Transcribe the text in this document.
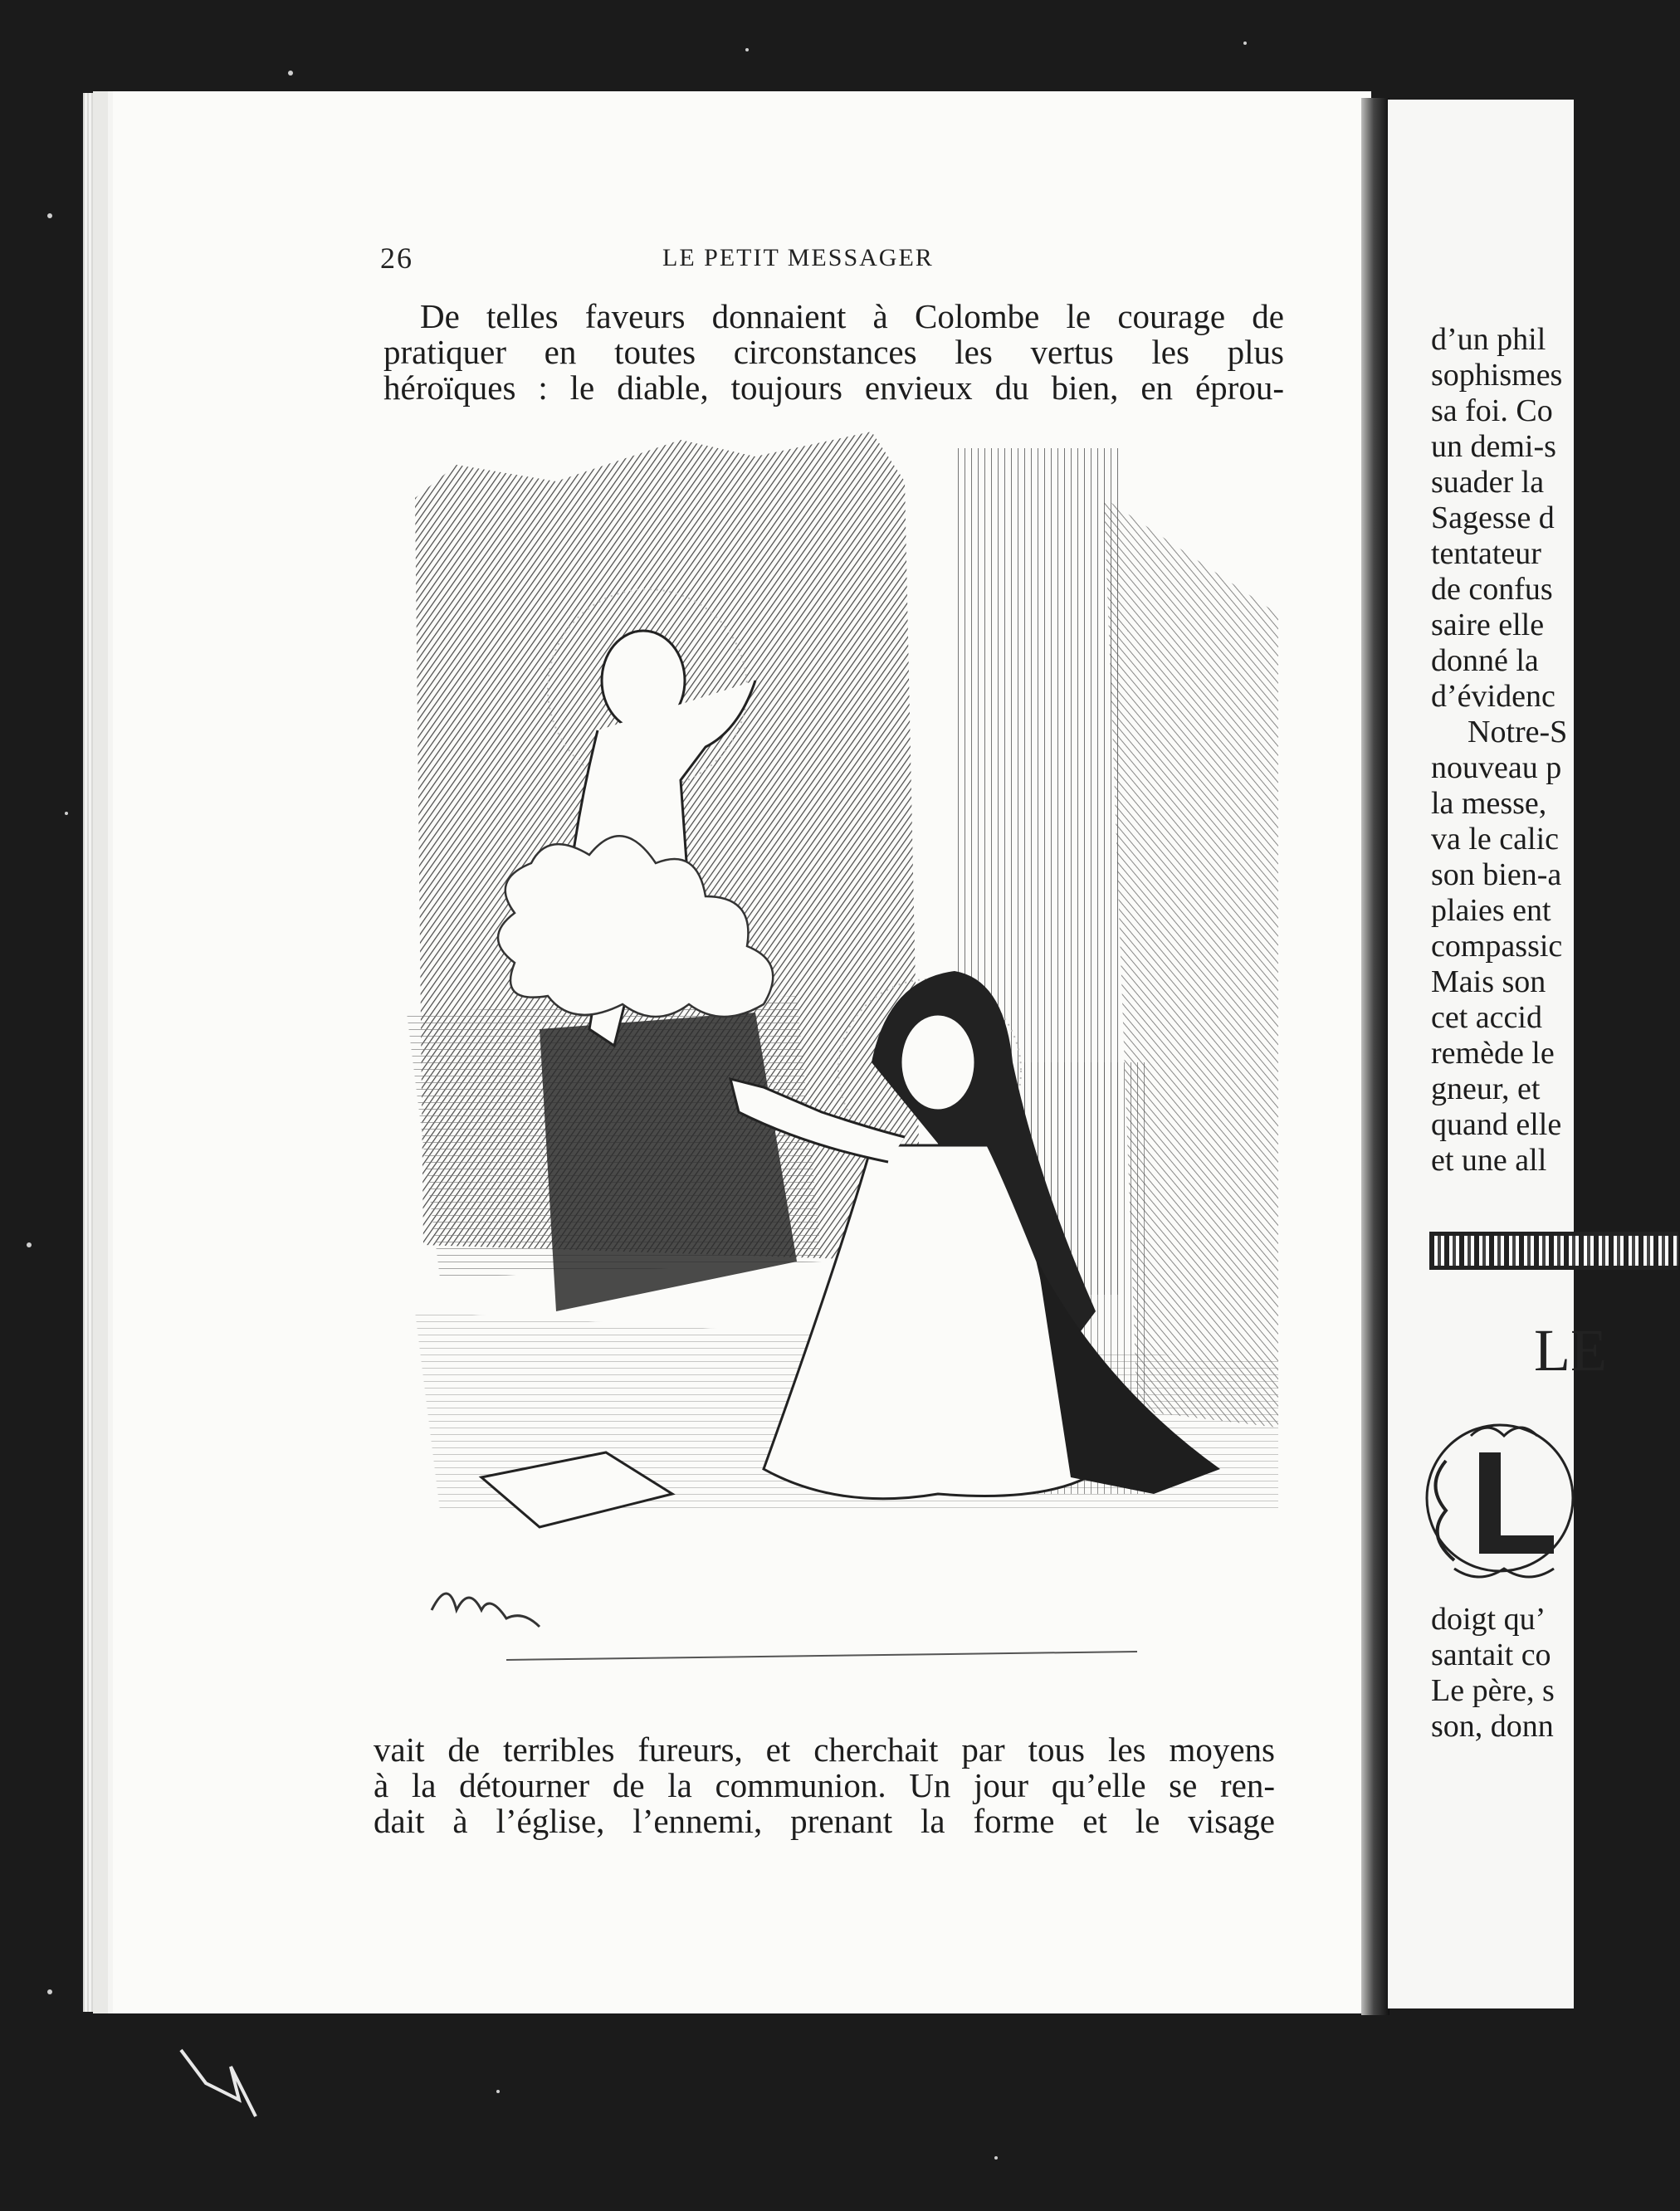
26	LE PETIT MESSAGER
De telles faveurs donnaient à Colombe le courage de
pratiquer en toutes circonstances les vertus les plus
héroïques : le diable, toujours envieux du bien, en éprou-
vait de terribles fureurs, et cherchait par tous les moyens
à la détourner de la communion. Un jour qu’elle se ren-
dait à l’église, l’ennemi, prenant la forme et le visage
d’un phil
sophismes
sa foi. Co
un demi-s
suader la
Sagesse d
tentateur
de confus
saire elle
donné la
d’évidenc
Notre-S
nouveau p
la messe,
va le calic
son bien-a
plaies ent
compassic
Mais son
cet accid
remède le
gneur, et
quand elle
et une all
LE
doigt qu’
santait co
Le père, s
son, donn
